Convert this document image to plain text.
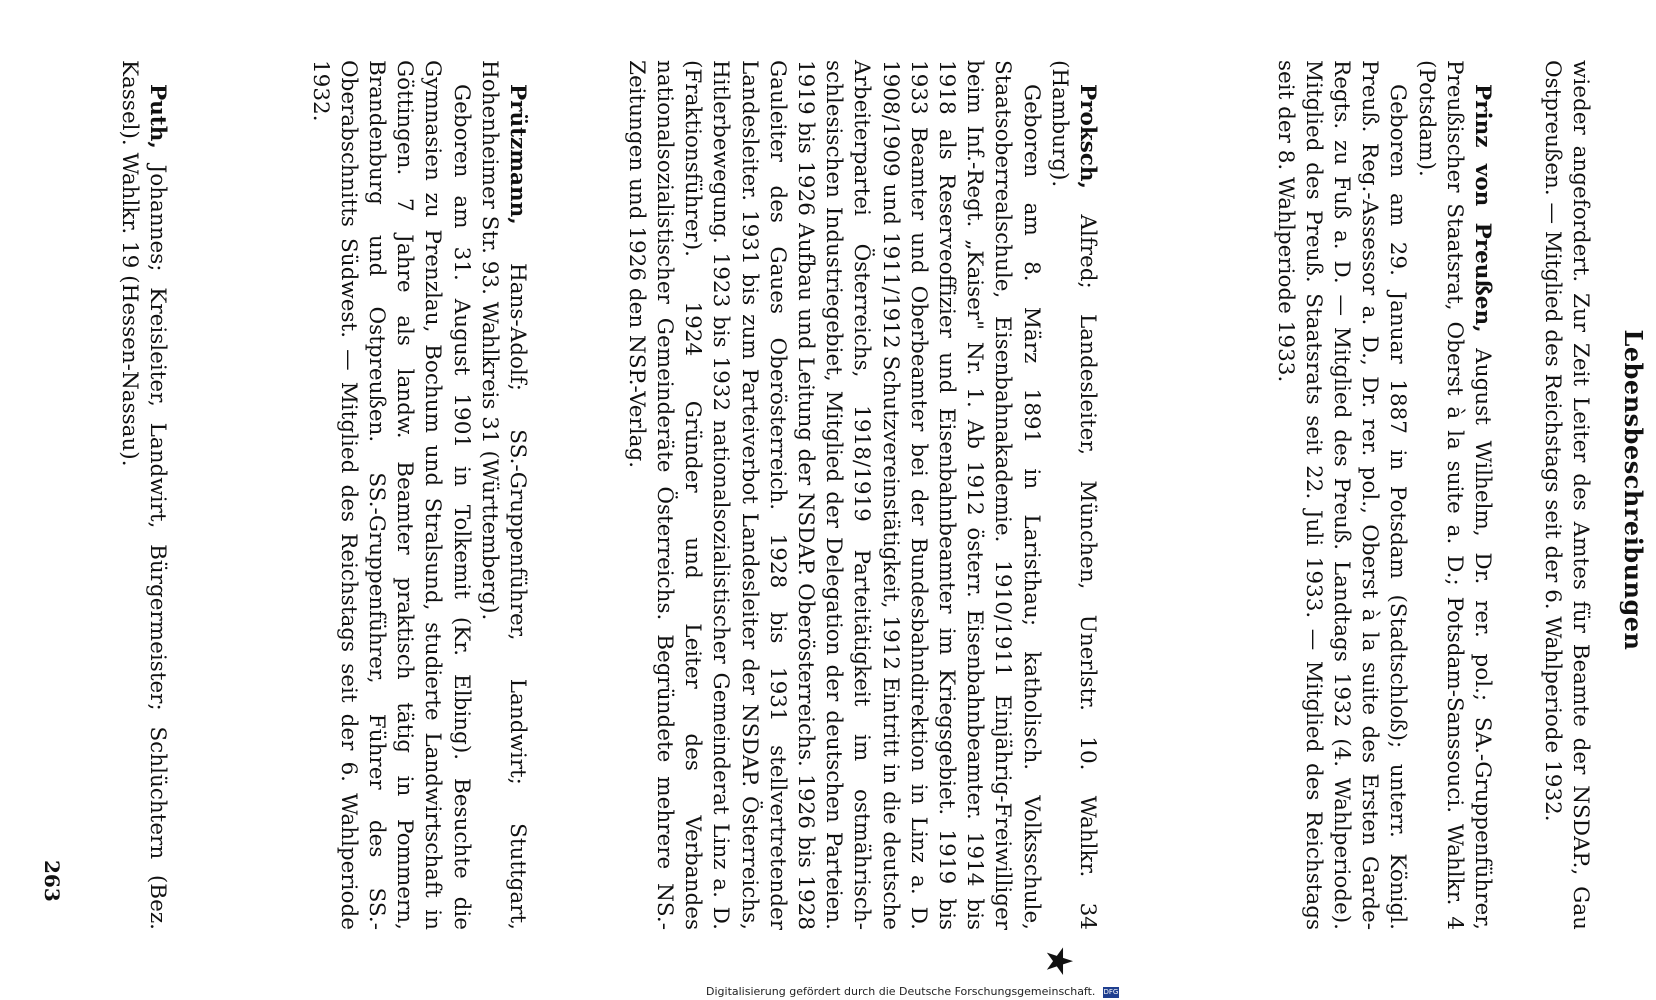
Lebensbeschreibungen

wieder angefordert. Zur Zeit Leiter des Amtes für Beamte der NSDAP., Gau Ostpreußen. — Mitglied des Reichstags seit der 6. Wahlperiode 1932.

Prinz von Preußen, August Wilhelm, Dr. rer. pol.; SA.-Gruppenführer, Preußischer Staatsrat, Oberst à la suite a. D.; Potsdam-Sanssouci. Wahlkr. 4 (Potsdam).

Geboren am 29. Januar 1887 in Potsdam (Stadtschloß); unterr. Königl. Preuß. Reg.-Assessor a. D., Dr. rer. pol., Oberst à la suite des Ersten Garde-Regts. zu Fuß a. D. — Mitglied des Preuß. Landtags 1932 (4. Wahlperiode). Mitglied des Preuß. Staatsrats seit 22. Juli 1933. — Mitglied des Reichstags seit der 8. Wahlperiode 1933.

Proksch, Alfred; Landesleiter, München, Unerlstr. 10. Wahlkr. 34 (Hamburg).

Geboren am 8. März 1891 in Laristhau; katholisch. Volksschule, Staatsoberrealschule, Eisenbahnakademie. 1910/1911 Einjährig-Freiwilliger beim Inf.-Regt. „Kaiser" Nr. 1. Ab 1912 österr. Eisenbahnbeamter. 1914 bis 1918 als Reserveoffizier und Eisenbahnbeamter im Kriegsgebiet. 1919 bis 1933 Beamter und Oberbeamter bei der Bundesbahndirektion in Linz a. D. 1908/1909 und 1911/1912 Schutzvereinstätigkeit, 1912 Eintritt in die deutsche Arbeiterpartei Österreichs, 1918/1919 Parteitätigkeit im ostmährisch-schlesischen Industriegebiet, Mitglied der Delegation der deutschen Parteien. 1919 bis 1926 Aufbau und Leitung der NSDAP. Oberösterreichs. 1926 bis 1928 Gauleiter des Gaues Oberösterreich. 1928 bis 1931 stellvertretender Landesleiter. 1931 bis zum Parteiverbot Landesleiter der NSDAP. Österreichs, Hitlerbewegung. 1923 bis 1932 nationalsozialistischer Gemeinderat Linz a. D. (Fraktionsführer). 1924 Gründer und Leiter des Verbandes nationalsozialistischer Gemeinderäte Österreichs. Begründete mehrere NS.-Zeitungen und 1926 den NSP.-Verlag.

★

Prützmann, Hans-Adolf; SS.-Gruppenführer, Landwirt; Stuttgart, Hohenheimer Str. 93. Wahlkreis 31 (Württemberg).

Geboren am 31. August 1901 in Tolkemit (Kr. Elbing). Besuchte die Gymnasien zu Prenzlau, Bochum und Stralsund, studierte Landwirtschaft in Göttingen. 7 Jahre als landw. Beamter praktisch tätig in Pommern, Brandenburg und Ostpreußen. SS.-Gruppenführer, Führer des SS.-Oberabschnitts Südwest. — Mitglied des Reichstags seit der 6. Wahlperiode 1932.

Puth, Johannes; Kreisleiter, Landwirt, Bürgermeister; Schlüchtern (Bez. Kassel). Wahlkr. 19 (Hessen-Nassau).

263
Digitalisierung gefördert durch die Deutsche Forschungsgemeinschaft. DFG
